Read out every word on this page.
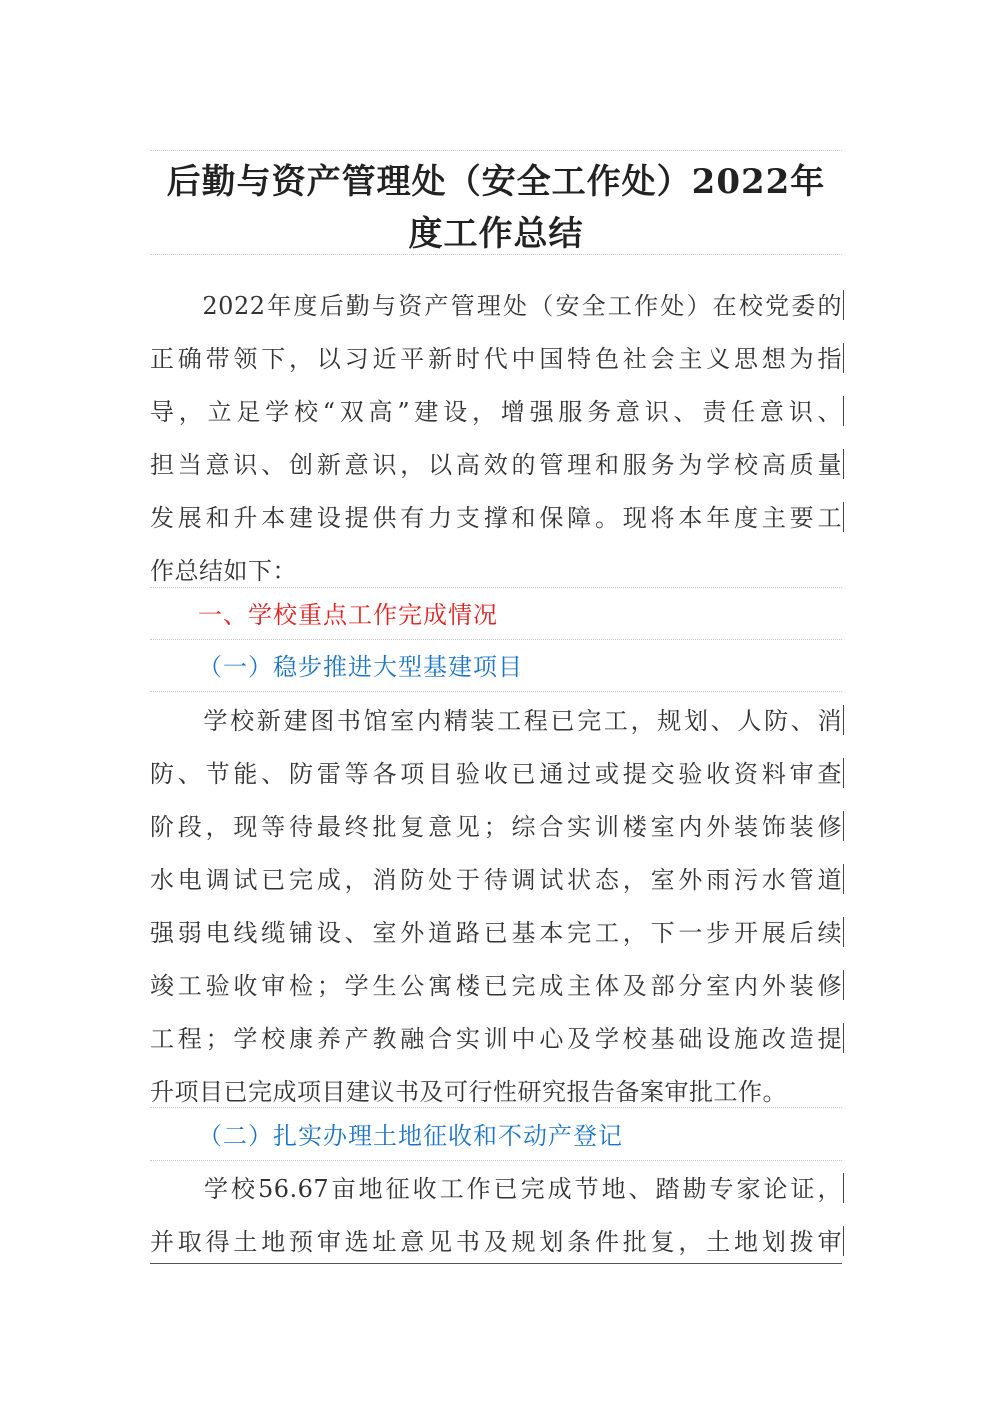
后勤与资产管理处（安全工作处）2022年
度工作总结
　　2022年度后勤与资产管理处（安全工作处）在校党委的
正确带领下，以习近平新时代中国特色社会主义思想为指
导，立足学校“双高”建设，增强服务意识、责任意识、
担当意识、创新意识，以高效的管理和服务为学校高质量
发展和升本建设提供有力支撑和保障。现将本年度主要工
作总结如下：
一、学校重点工作完成情况
（一）稳步推进大型基建项目
　　学校新建图书馆室内精装工程已完工，规划、人防、消
防、节能、防雷等各项目验收已通过或提交验收资料审查
阶段，现等待最终批复意见；综合实训楼室内外装饰装修
水电调试已完成，消防处于待调试状态，室外雨污水管道
强弱电线缆铺设、室外道路已基本完工，下一步开展后续
竣工验收审检；学生公寓楼已完成主体及部分室内外装修
工程；学校康养产教融合实训中心及学校基础设施改造提
升项目已完成项目建议书及可行性研究报告备案审批工作。
（二）扎实办理土地征收和不动产登记
　　学校56.67亩地征收工作已完成节地、踏勘专家论证，
并取得土地预审选址意见书及规划条件批复，土地划拨审
